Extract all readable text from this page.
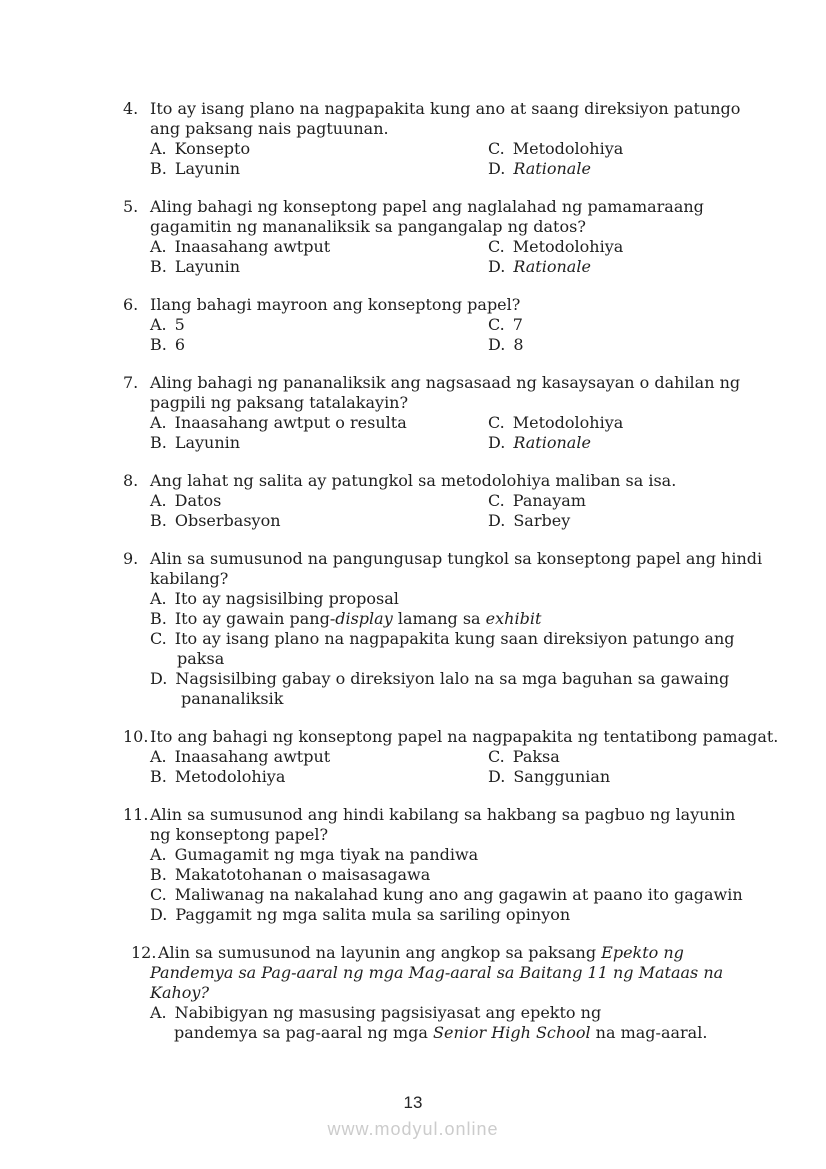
4. Ito ay isang plano na nagpapakita kung ano at saang direksiyon patungo
ang paksang nais pagtuunan.
A. Konsepto	C. Metodolohiya
B. Layunin	D. Rationale
5. Aling bahagi ng konseptong papel ang naglalahad ng pamamaraang
gagamitin ng mananaliksik sa pangangalap ng datos?
A. Inaasahang awtput	C. Metodolohiya
B. Layunin	D. Rationale
6. Ilang bahagi mayroon ang konseptong papel?
A. 5	C. 7
B. 6	D. 8
7. Aling bahagi ng pananaliksik ang nagsasaad ng kasaysayan o dahilan ng
pagpili ng paksang tatalakayin?
A. Inaasahang awtput o resulta	C. Metodolohiya
B. Layunin	D. Rationale
8. Ang lahat ng salita ay patungkol sa metodolohiya maliban sa isa.
A. Datos	C. Panayam
B. Obserbasyon	D. Sarbey
9. Alin sa sumusunod na pangungusap tungkol sa konseptong papel ang hindi
kabilang?
A. Ito ay nagsisilbing proposal
B. Ito ay gawain pang-display lamang sa exhibit
C. Ito ay isang plano na nagpapakita kung saan direksiyon patungo ang
paksa
D. Nagsisilbing gabay o direksiyon lalo na sa mga baguhan sa gawaing
pananaliksik
10.Ito ang bahagi ng konseptong papel na nagpapakita ng tentatibong pamagat.
A. Inaasahang awtput	C. Paksa
B. Metodolohiya	D. Sanggunian
11.Alin sa sumusunod ang hindi kabilang sa hakbang sa pagbuo ng layunin
ng konseptong papel?
A. Gumagamit ng mga tiyak na pandiwa
B. Makatotohanan o maisasagawa
C. Maliwanag na nakalahad kung ano ang gagawin at paano ito gagawin
D. Paggamit ng mga salita mula sa sariling opinyon
12.Alin sa sumusunod na layunin ang angkop sa paksang Epekto ng
Pandemya sa Pag-aaral ng mga Mag-aaral sa Baitang 11 ng Mataas na
Kahoy?
A. Nabibigyan ng masusing pagsisiyasat ang epekto ng
pandemya sa pag-aaral ng mga Senior High School na mag-aaral.
13
www.modyul.online
